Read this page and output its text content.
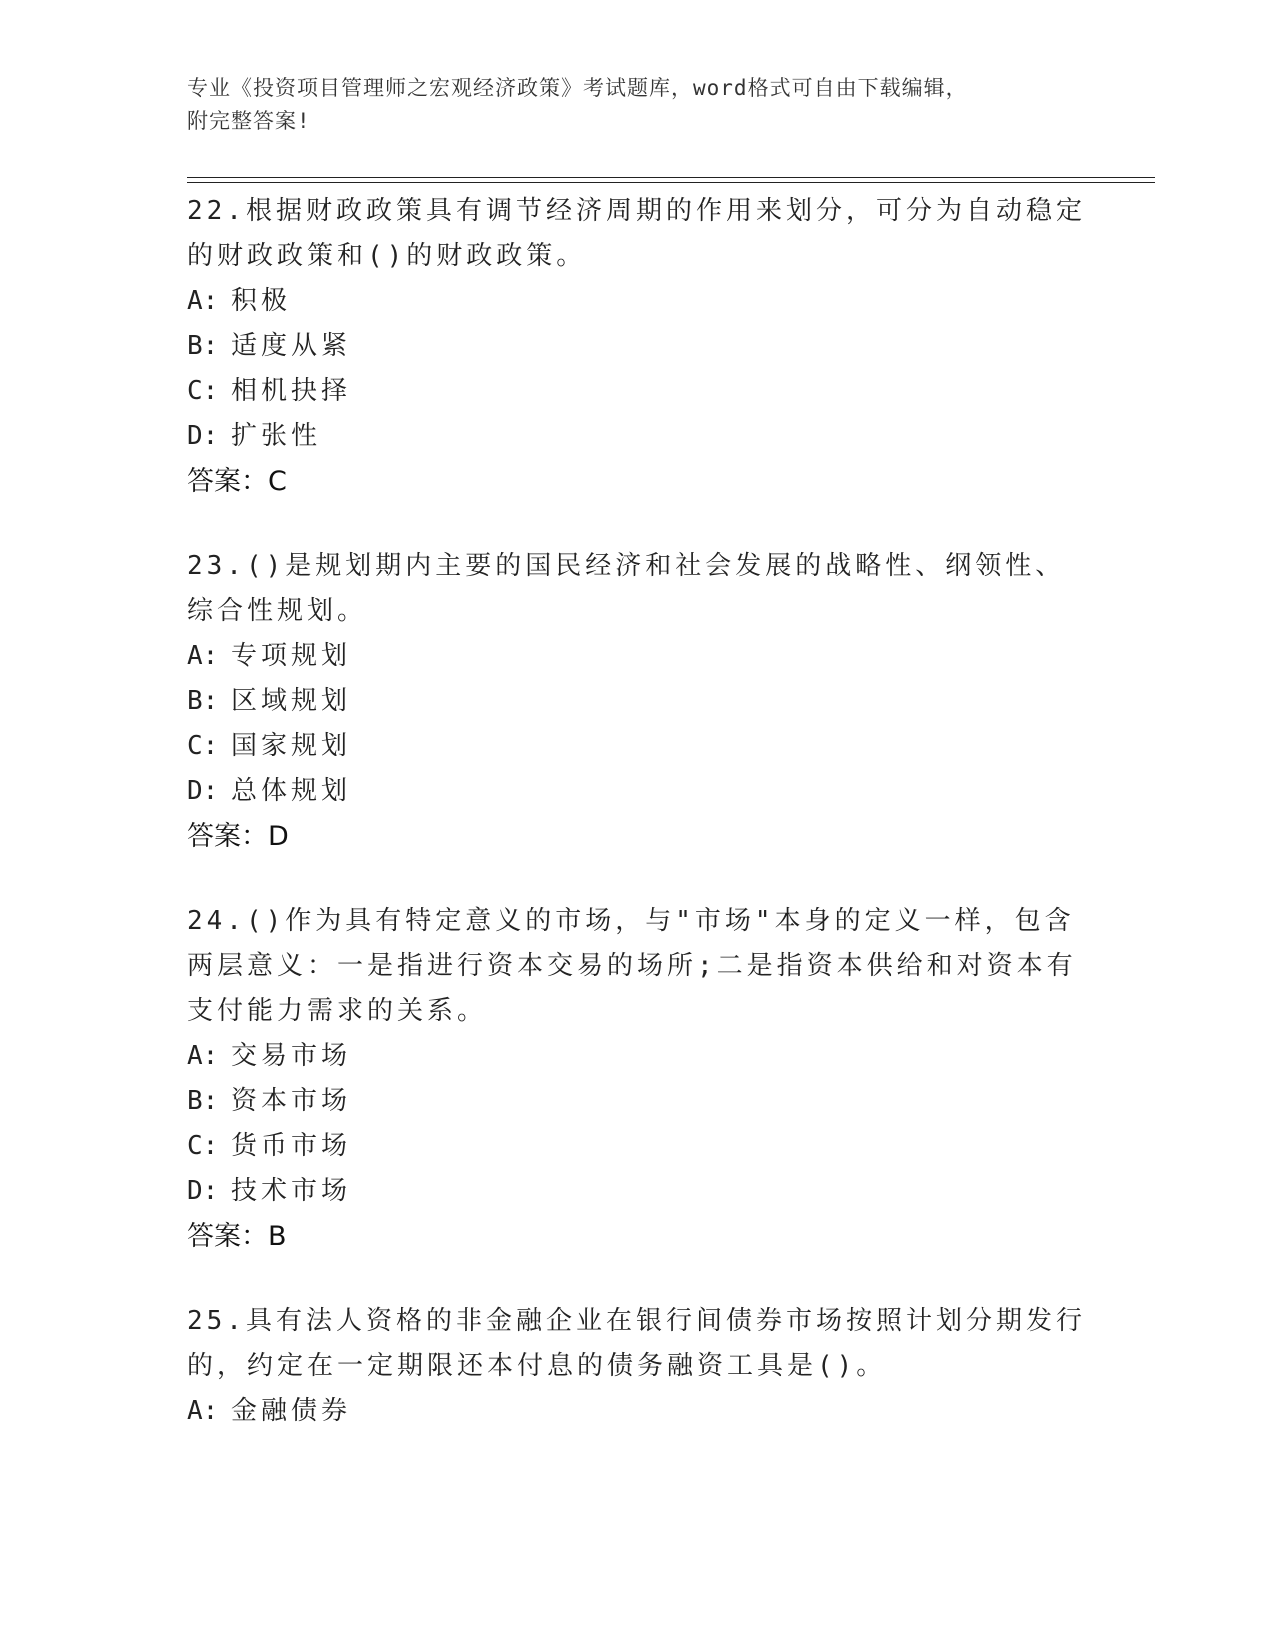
专业《投资项目管理师之宏观经济政策》考试题库，word格式可自由下载编辑，
附完整答案!

22.根据财政政策具有调节经济周期的作用来划分，可分为自动稳定的财政政策和()的财政政策。

A: 积极

B: 适度从紧

C: 相机抉择

D: 扩张性

答案：C

23.()是规划期内主要的国民经济和社会发展的战略性、纲领性、综合性规划。

A: 专项规划

B: 区域规划

C: 国家规划

D: 总体规划

答案：D

24.()作为具有特定意义的市场，与"市场"本身的定义一样，包含两层意义：一是指进行资本交易的场所;二是指资本供给和对资本有支付能力需求的关系。

A: 交易市场

B: 资本市场

C: 货币市场

D: 技术市场

答案：B

25.具有法人资格的非金融企业在银行间债券市场按照计划分期发行的，约定在一定期限还本付息的债务融资工具是()。

A: 金融债券
